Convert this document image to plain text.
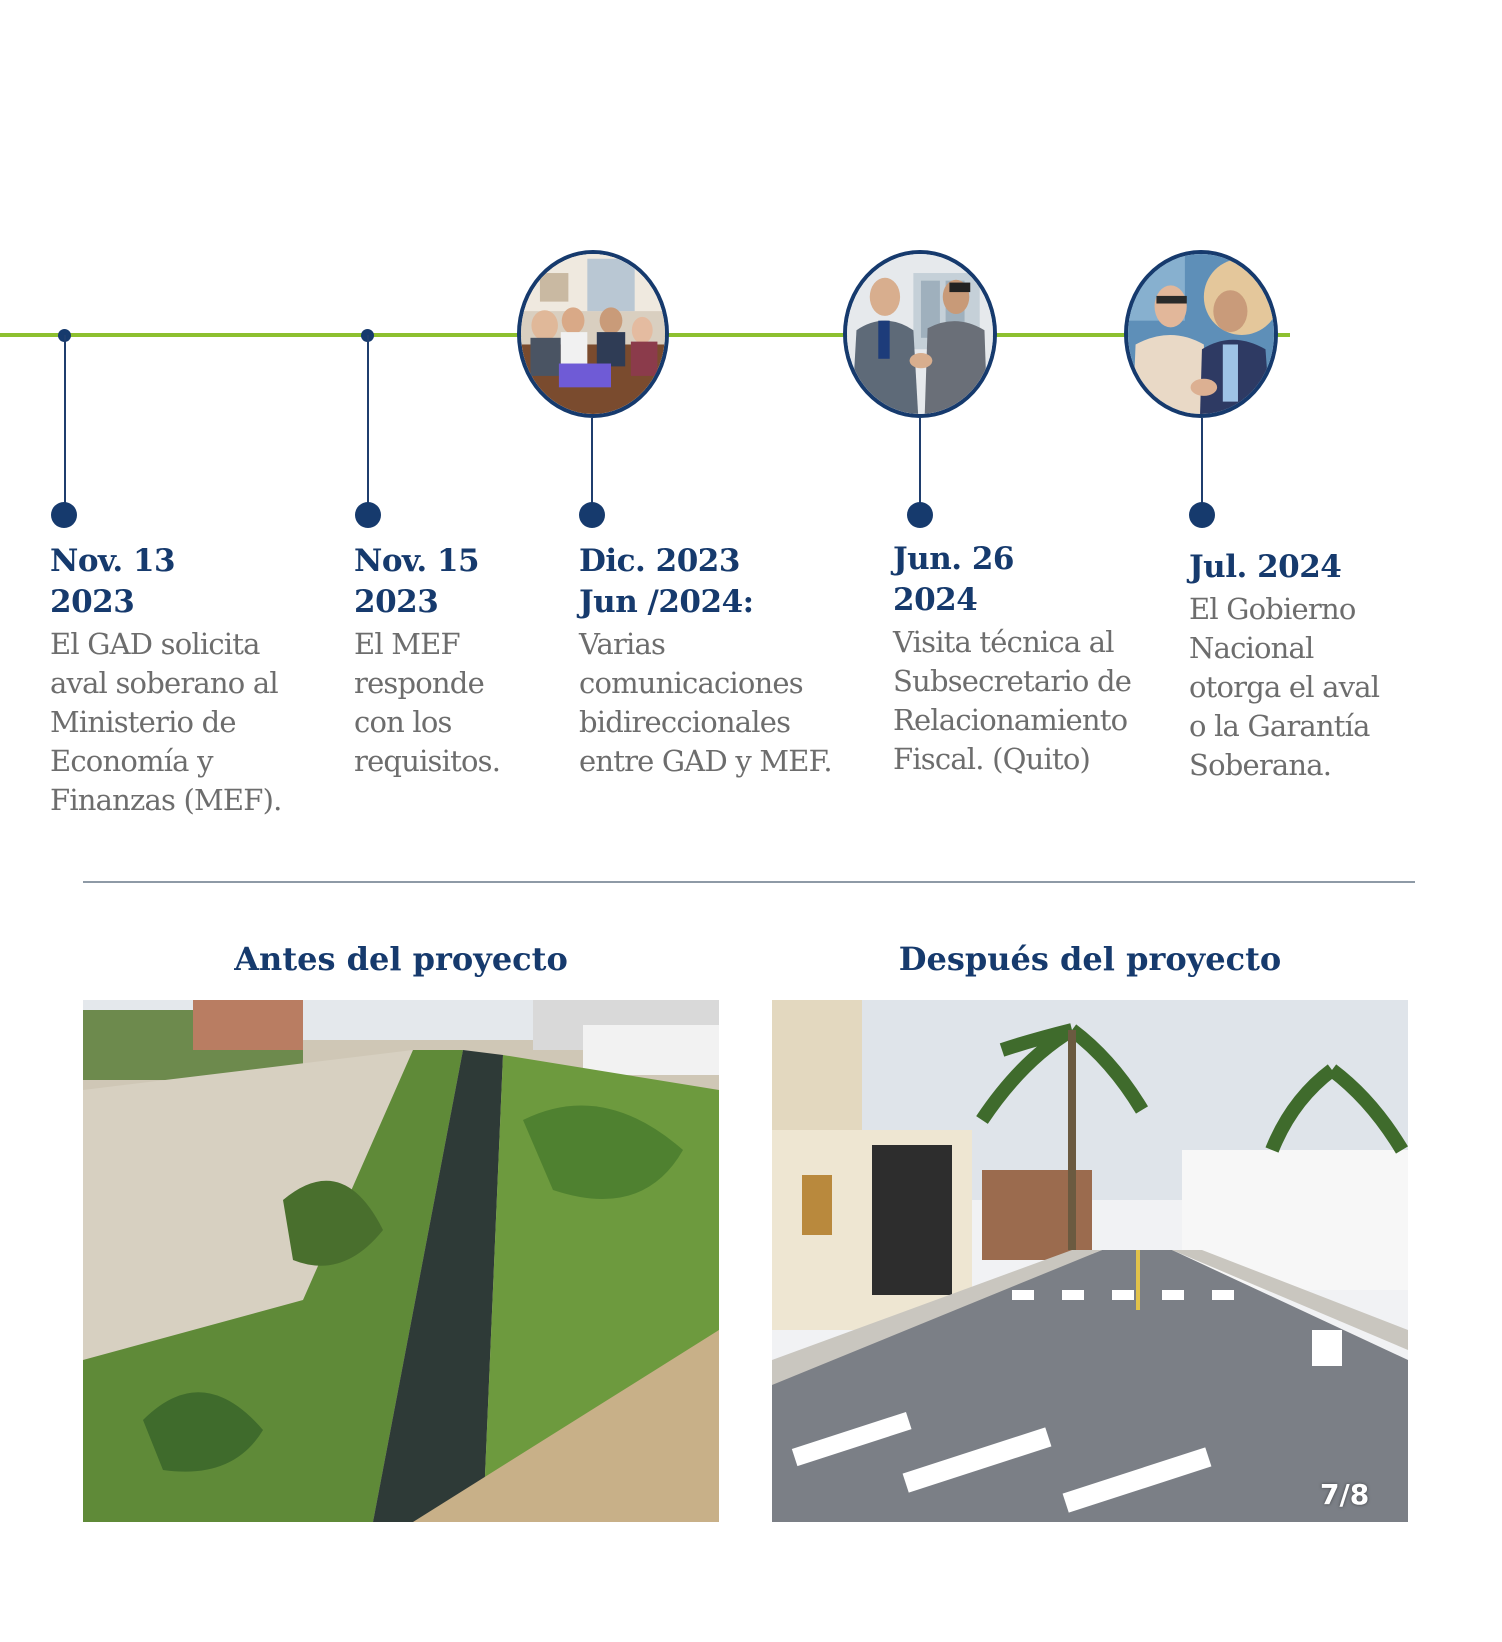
Nov. 13
2023
El GAD solicita
aval soberano al
Ministerio de
Economía y
Finanzas (MEF).
Nov. 15
2023
El MEF
responde
con los
requisitos.
Dic. 2023
Jun /2024:
Varias
comunicaciones
bidireccionales
entre GAD y MEF.
Jun. 26
2024
Visita técnica al
Subsecretario de
Relacionamiento
Fiscal. (Quito)
Jul. 2024
El Gobierno
Nacional
otorga el aval
o la Garantía
Soberana.
Antes del proyecto	Después del proyecto
7/8
